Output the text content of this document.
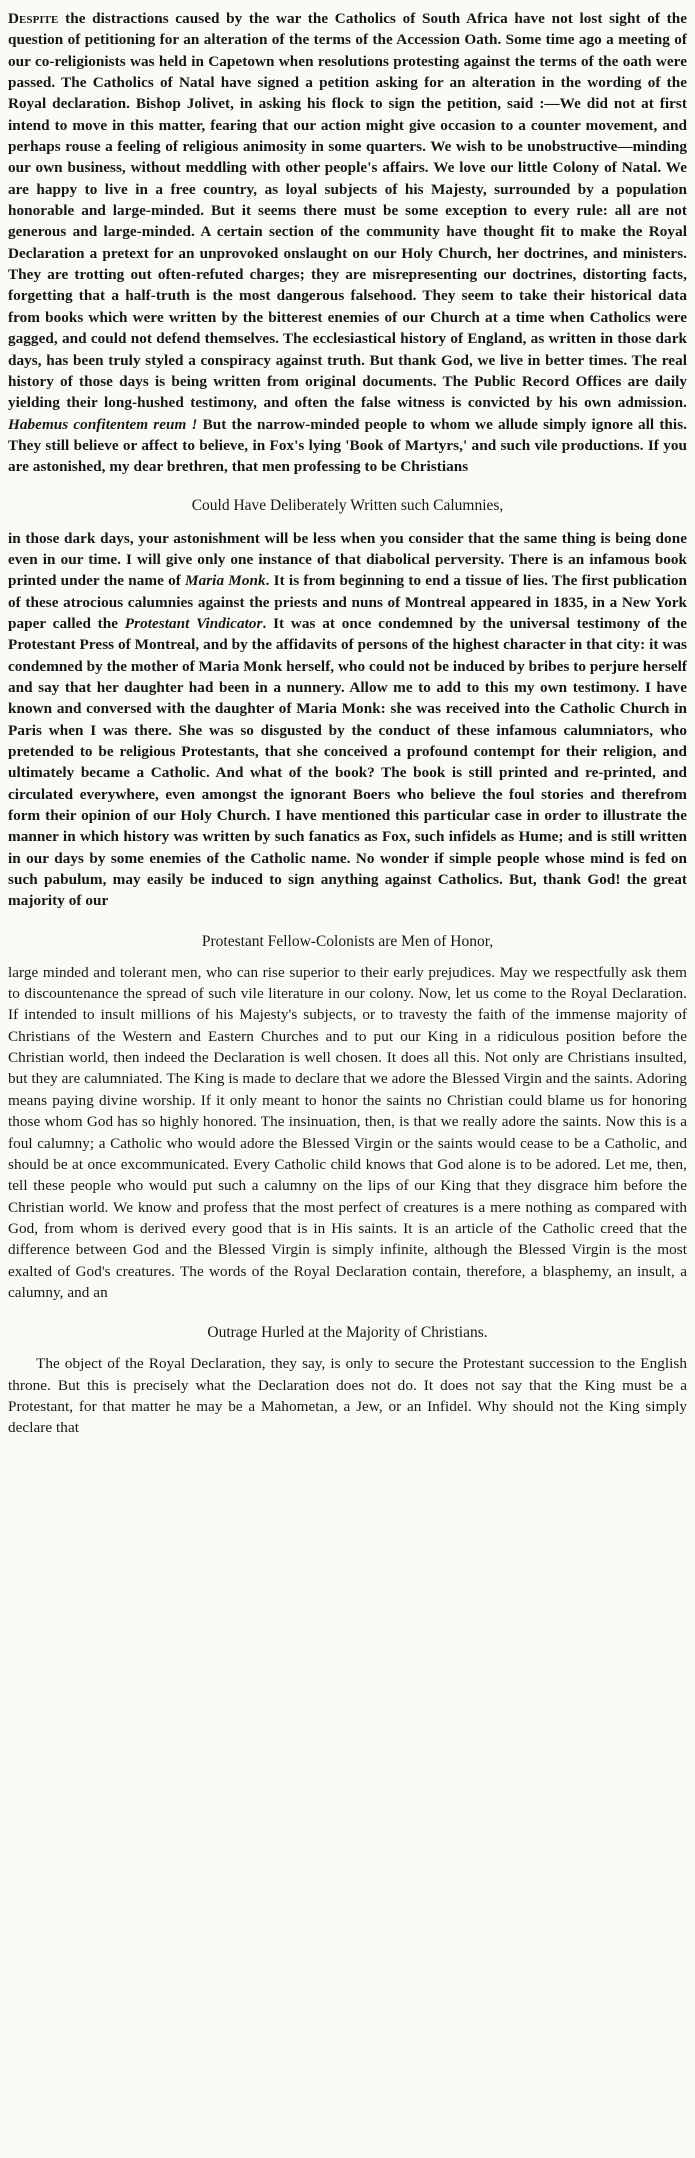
Despite the distractions caused by the war the Catholics of South Africa have not lost sight of the question of petitioning for an alteration of the terms of the Accession Oath. Some time ago a meeting of our co-religionists was held in Capetown when resolutions protesting against the terms of the oath were passed. The Catholics of Natal have signed a petition asking for an alteration in the wording of the Royal declaration. Bishop Jolivet, in asking his flock to sign the petition, said :—We did not at first intend to move in this matter, fearing that our action might give occasion to a counter movement, and perhaps rouse a feeling of religious animosity in some quarters. We wish to be unobstructive—minding our own business, without meddling with other people's affairs. We love our little Colony of Natal. We are happy to live in a free country, as loyal subjects of his Majesty, surrounded by a population honorable and large-minded. But it seems there must be some exception to every rule: all are not generous and large-minded. A certain section of the community have thought fit to make the Royal Declaration a pretext for an unprovoked onslaught on our Holy Church, her doctrines, and ministers. They are trotting out often-refuted charges; they are misrepresenting our doctrines, distorting facts, forgetting that a half-truth is the most dangerous falsehood. They seem to take their historical data from books which were written by the bitterest enemies of our Church at a time when Catholics were gagged, and could not defend themselves. The ecclesiastical history of England, as written in those dark days, has been truly styled a conspiracy against truth. But thank God, we live in better times. The real history of those days is being written from original documents. The Public Record Offices are daily yielding their long-hushed testimony, and often the false witness is convicted by his own admission. Habemus confitentem reum ! But the narrow-minded people to whom we allude simply ignore all this. They still believe or affect to believe, in Fox's lying 'Book of Martyrs,' and such vile productions. If you are astonished, my dear brethren, that men professing to be Christians

Could Have Deliberately Written such Calumnies,

in those dark days, your astonishment will be less when you consider that the same thing is being done even in our time. I will give only one instance of that diabolical perversity. There is an infamous book printed under the name of Maria Monk. It is from beginning to end a tissue of lies. The first publication of these atrocious calumnies against the priests and nuns of Montreal appeared in 1835, in a New York paper called the Protestant Vindicator. It was at once condemned by the universal testimony of the Protestant Press of Montreal, and by the affidavits of persons of the highest character in that city: it was condemned by the mother of Maria Monk herself, who could not be induced by bribes to perjure herself and say that her daughter had been in a nunnery. Allow me to add to this my own testimony. I have known and conversed with the daughter of Maria Monk: she was received into the Catholic Church in Paris when I was there. She was so disgusted by the conduct of these infamous calumniators, who pretended to be religious Protestants, that she conceived a profound contempt for their religion, and ultimately became a Catholic. And what of the book? The book is still printed and re-printed, and circulated everywhere, even amongst the ignorant Boers who believe the foul stories and therefrom form their opinion of our Holy Church. I have mentioned this particular case in order to illustrate the manner in which history was written by such fanatics as Fox, such infidels as Hume; and is still written in our days by some enemies of the Catholic name. No wonder if simple people whose mind is fed on such pabulum, may easily be induced to sign anything against Catholics. But, thank God! the great majority of our

Protestant Fellow-Colonists are Men of Honor,

large minded and tolerant men, who can rise superior to their early prejudices. May we respectfully ask them to discountenance the spread of such vile literature in our colony. Now, let us come to the Royal Declaration. If intended to insult millions of his Majesty's subjects, or to travesty the faith of the immense majority of Christians of the Western and Eastern Churches and to put our King in a ridiculous position before the Christian world, then indeed the Declaration is well chosen. It does all this. Not only are Christians insulted, but they are calumniated. The King is made to declare that we adore the Blessed Virgin and the saints. Adoring means paying divine worship. If it only meant to honor the saints no Christian could blame us for honoring those whom God has so highly honored. The insinuation, then, is that we really adore the saints. Now this is a foul calumny; a Catholic who would adore the Blessed Virgin or the saints would cease to be a Catholic, and should be at once excommunicated. Every Catholic child knows that God alone is to be adored. Let me, then, tell these people who would put such a calumny on the lips of our King that they disgrace him before the Christian world. We know and profess that the most perfect of creatures is a mere nothing as compared with God, from whom is derived every good that is in His saints. It is an article of the Catholic creed that the difference between God and the Blessed Virgin is simply infinite, although the Blessed Virgin is the most exalted of God's creatures. The words of the Royal Declaration contain, therefore, a blasphemy, an insult, a calumny, and an

Outrage Hurled at the Majority of Christians.

The object of the Royal Declaration, they say, is only to secure the Protestant succession to the English throne. But this is precisely what the Declaration does not do. It does not say that the King must be a Protestant, for that matter he may be a Mahometan, a Jew, or an Infidel. Why should not the King simply declare that
